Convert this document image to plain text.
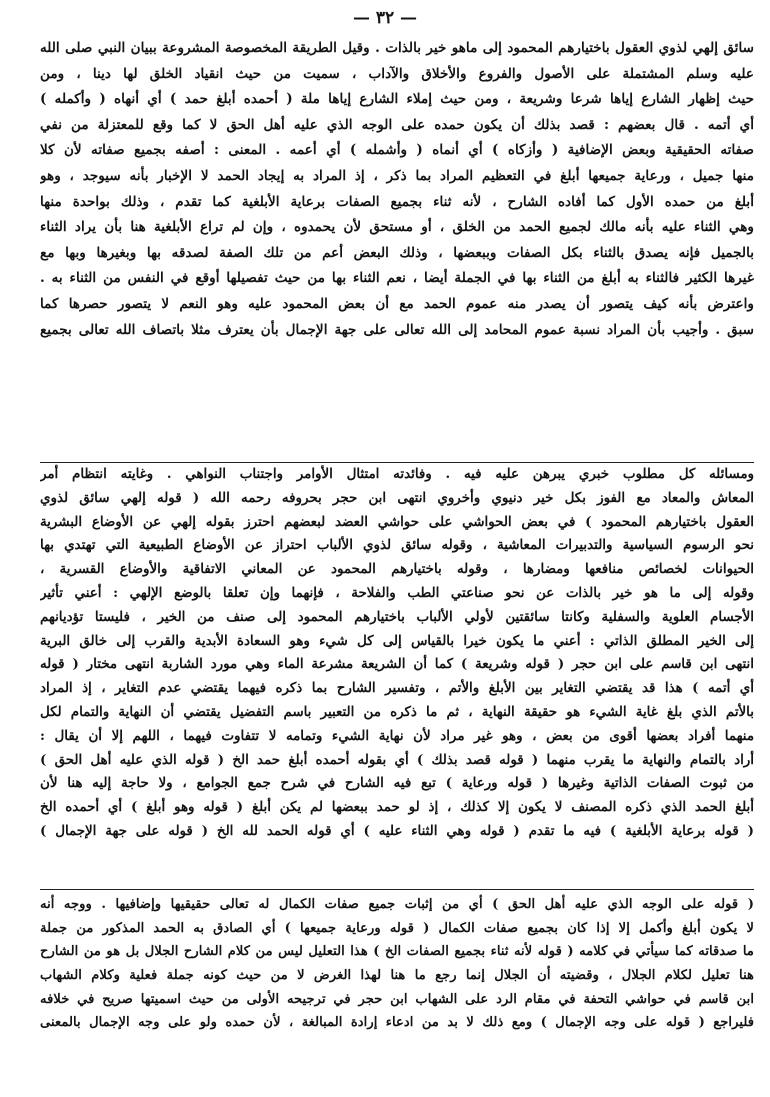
— ٣٢ —
سائق إلهي لذوي العقول باختيارهم المحمود إلى ماهو خير بالذات . وقيل الطريقة المخصوصة المشروعة ببيان النبي صلى الله
عليه وسلم المشتملة على الأصول والفروع والأخلاق والآداب ، سميت من حيث انقياد الخلق لها دينا ، ومن
حيث إظهار الشارع إياها شرعا وشريعة ، ومن حيث إملاء الشارع إياها ملة ( أحمده أبلغ حمد ) أي أنهاه ( وأكمله )
أي أتمه . قال بعضهم : قصد بذلك أن يكون حمده على الوجه الذي عليه أهل الحق لا كما وقع للمعتزلة من نفي
صفاته الحقيقية وبعض الإضافية ( وأزكاه ) أي أنماه ( وأشمله ) أي أعمه . المعنى : أصفه بجميع صفاته لأن كلا
منها جميل ، ورعاية جميعها أبلغ في التعظيم المراد بما ذكر ، إذ المراد به إيجاد الحمد لا الإخبار بأنه سيوجد ، وهو
أبلغ من حمده الأول كما أفاده الشارح ، لأنه ثناء بجميع الصفات برعاية الأبلغية كما تقدم ، وذلك بواحدة منها
وهي الثناء عليه بأنه مالك لجميع الحمد من الخلق ، أو مستحق لأن يحمدوه ، وإن لم تراع الأبلغية هنا بأن يراد الثناء
بالجميل فإنه يصدق بالثناء بكل الصفات وببعضها ، وذلك البعض أعم من تلك الصفة لصدقه بها وبغيرها وبها مع
غيرها الكثير فالثناء به أبلغ من الثناء بها في الجملة أيضا ، نعم الثناء بها من حيث تفصيلها أوقع في النفس من الثناء به .
واعترض بأنه كيف يتصور أن يصدر منه عموم الحمد مع أن بعض المحمود عليه وهو النعم لا يتصور حصرها كما
سبق . وأجيب بأن المراد نسبة عموم المحامد إلى الله تعالى على جهة الإجمال بأن يعترف مثلا باتصاف الله تعالى بجميع
ومسائله كل مطلوب خبري يبرهن عليه فيه . وفائدته امتثال الأوامر واجتناب النواهي . وغايته انتظام أمر
المعاش والمعاد مع الفوز بكل خير دنيوي وأخروي انتهى ابن حجر بحروفه رحمه الله ( قوله إلهي سائق لذوي
العقول باختيارهم المحمود ) في بعض الحواشي على حواشي العضد لبعضهم احترز بقوله إلهي عن الأوضاع البشرية
نحو الرسوم السياسية والتدبيرات المعاشية ، وقوله سائق لذوي الألباب احتراز عن الأوضاع الطبيعية التي تهتدي بها
الحيوانات لخصائص منافعها ومضارها ، وقوله باختيارهم المحمود عن المعاني الاتفاقية والأوضاع القسرية ،
وقوله إلى ما هو خير بالذات عن نحو صناعتي الطب والفلاحة ، فإنهما وإن تعلقا بالوضع الإلهي : أعني تأثير
الأجسام العلوية والسفلية وكانتا سائقتين لأولي الألباب باختيارهم المحمود إلى صنف من الخير ، فليستا تؤديانهم
إلى الخير المطلق الذاتي : أعني ما يكون خيرا بالقياس إلى كل شيء وهو السعادة الأبدية والقرب إلى خالق البرية
انتهى ابن قاسم على ابن حجر ( قوله وشريعة ) كما أن الشريعة مشرعة الماء وهي مورد الشاربة انتهى مختار ( قوله
أي أتمه ) هذا قد يقتضي التغاير بين الأبلغ والأتم ، وتفسير الشارح بما ذكره فيهما يقتضي عدم التغاير ، إذ المراد
بالأتم الذي بلغ غاية الشيء هو حقيقة النهاية ، ثم ما ذكره من التعبير باسم التفضيل يقتضي أن النهاية والتمام لكل
منهما أفراد بعضها أقوى من بعض ، وهو غير مراد لأن نهاية الشيء وتمامه لا تتفاوت فيهما ، اللهم إلا أن يقال :
أراد بالتمام والنهاية ما يقرب منهما ( قوله قصد بذلك ) أي بقوله أحمده أبلغ حمد الخ ( قوله الذي عليه أهل الحق )
من ثبوت الصفات الذاتية وغيرها ( قوله ورعاية ) تبع فيه الشارح في شرح جمع الجوامع ، ولا حاجة إليه هنا لأن
أبلغ الحمد الذي ذكره المصنف لا يكون إلا كذلك ، إذ لو حمد ببعضها لم يكن أبلغ ( قوله وهو أبلغ ) أي أحمده الخ
( قوله برعاية الأبلغية ) فيه ما تقدم ( قوله وهي الثناء عليه ) أي قوله الحمد لله الخ ( قوله على جهة الإجمال )
( قوله على الوجه الذي عليه أهل الحق ) أي من إثبات جميع صفات الكمال له تعالى حقيقيها وإضافيها . ووجه أنه
لا يكون أبلغ وأكمل إلا إذا كان بجميع صفات الكمال ( قوله ورعاية جميعها ) أي الصادق به الحمد المذكور من جملة
ما صدقاته كما سيأتي في كلامه ( قوله لأنه ثناء بجميع الصفات الخ ) هذا التعليل ليس من كلام الشارح الجلال بل هو من الشارح
هنا تعليل لكلام الجلال ، وقضيته أن الجلال إنما رجع ما هنا لهذا الغرض لا من حيث كونه جملة فعلية وكلام الشهاب
ابن قاسم في حواشي التحفة في مقام الرد على الشهاب ابن حجر في ترجيحه الأولى من حيث اسميتها صريح في خلافه
فليراجع ( قوله على وجه الإجمال ) ومع ذلك لا بد من ادعاء إرادة المبالغة ، لأن حمده ولو على وجه الإجمال بالمعنى
